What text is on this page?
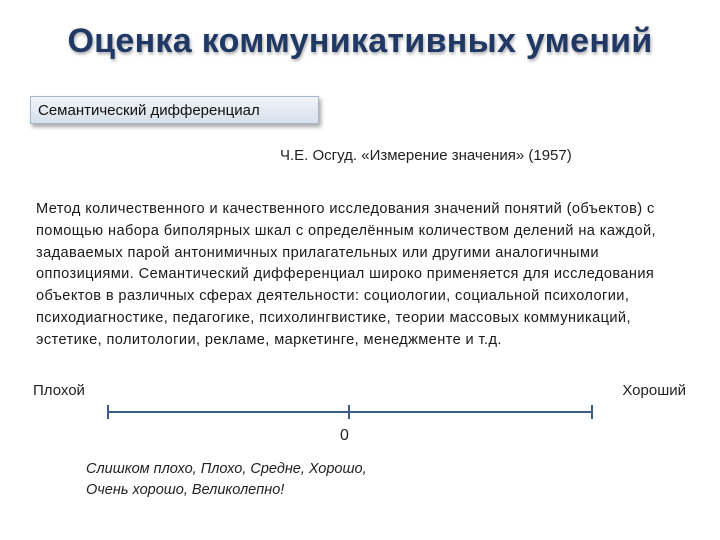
Оценка коммуникативных умений
Семантический дифференциал
Ч.Е. Осгуд. «Измерение значения» (1957)

Метод количественного и качественного исследования значений понятий (объектов) с помощью набора биполярных шкал с определённым количеством делений на каждой, задаваемых парой антонимичных прилагательных или другими аналогичными оппозициями. Семантический дифференциал широко применяется для исследования объектов в различных сферах деятельности: социологии, социальной психологии, психодиагностике, педагогике, психолингвистике, теории массовых коммуникаций, эстетике, политологии, рекламе, маркетинге, менеджменте и т.д.

Плохой	Хороший
0

Слишком плохо, Плохо, Средне, Хорошо,
Очень хорошо, Великолепно!
